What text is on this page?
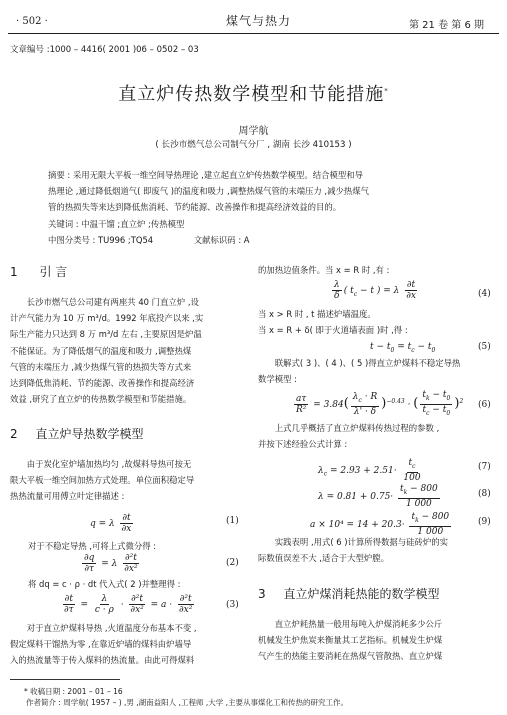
· 502 ·	煤气与热力	第 21 卷 第 6 期
文章编号 :1000 – 4416( 2001 )06 – 0502 – 03
直立炉传热数学模型和节能措施*
周学航
( 长沙市燃气总公司制气分厂 , 湖南 长沙 410153 )
摘要 : 采用无限大平板一维空间导热理论 ,建立起直立炉传热数学模型。结合模型和导
热理论 ,通过降低烟道气( 即废气 )的温度和吸力 ,调整热煤气管的末端压力 ,减少热煤气
管的热损失等来达到降低焦消耗、节约能源、改善操作和提高经济效益的目的。
关键词 : 中温干馏 ;直立炉 ;传热模型
中图分类号 : TU996 ;TQ54	文献标识码 : A
1 引 言
长沙市燃气总公司建有两座共 40 门直立炉 ,设
计产气能力为 10 万 m³/d。1992 年底投产以来 ,实
际生产能力只达到 8 万 m³/d 左右 ,主要原因是炉温
不能保证。为了降低烟气的温度和吸力 ,调整热煤
气管的末端压力 ,减少热煤气管的热损失等方式来
达到降低焦消耗、节约能源、改善操作和提高经济
效益 ,研究了直立炉的传热数学模型和节能措施。
2 直立炉导热数学模型
由于炭化室炉墙加热均匀 ,故煤料导热可按无
限大平板一维空间加热方式处理。单位面积稳定导
热热流量可用傅立叶定律描述 :
q = λ $\frac{\partial t}{\partial x}$	(1)
对于不稳定导热 ,可将上式微分得 :
$\frac{\partial q}{\partial\tau} = \lambda \frac{\text{∂²t}}{\text{∂x²}}$	(2)
将 dq = c · ρ · dt 代入式( 2 )并整理得 :
$\frac{\partial t}{\partial\tau} = \frac{\lambda}{c \cdot \rho} \cdot \frac{\text{∂²t}}{\text{∂x²}} = a \cdot \frac{\text{∂²t}}{\text{∂x²}}$	(3)
对于直立炉煤料导热 ,火道温度分布基本不变 ,
假定煤料干馏热为零 ,在靠近炉墙的煤料由炉墙导
入的热流量等于传入煤料的热流量。由此可得煤料
的加热边值条件。当 x = R 时 ,有 :
$\frac{\lambda}{\delta}$ ( $t_c - t$ ) = λ $\frac{\partial t}{\partial x}$	(4)
当 x > R 时 , t 描述炉墙温度。
当 x = R + δ( 即于火道墙表面 )时 ,得 :
$t - t_0 = t_c - t_0$	(5)
联解式( 3 )、( 4 )、( 5 )得直立炉煤料不稳定导热
数学模型 :
$\frac{a\tau}{\text{R²}} = 3.84( \frac{\lambda_c \cdot R}{\lambda' \cdot \delta} )^{-0.43}$ · ( $\frac{t_k - t_0}{t_c - t_0} )^2$ (6)
上式几乎概括了直立炉煤料传热过程的参数 ,
并按下述经验公式计算 :
$\lambda_c = 2.93 + 2.51\cdot \frac{t_c}{100}$	(7)
$\lambda = 0.81 + 0.75\cdot \frac{t_k - 800}{1 000}$	(8)
$a \times 10^4 = 14 + 20.3\cdot \frac{t_k - 800}{1 000}$	(9)
实践表明 ,用式( 6 )计算所得数据与硅砖炉的实
际数值误差不大 ,适合于大型炉膛。
3 直立炉煤消耗热能的数学模型
直立炉耗热量一般用每吨入炉煤消耗多少公斤
机械发生炉焦炭来衡量其工艺指标。机械发生炉煤
气产生的热能主要消耗在热煤气管散热、直立炉煤
* 收稿日期 : 2001 – 01 – 16
作者简介 : 周学航( 1957 – ) ,男 ,湖南益阳人 ,工程师 ,大学 ,主要从事煤化工和传热的研究工作。
